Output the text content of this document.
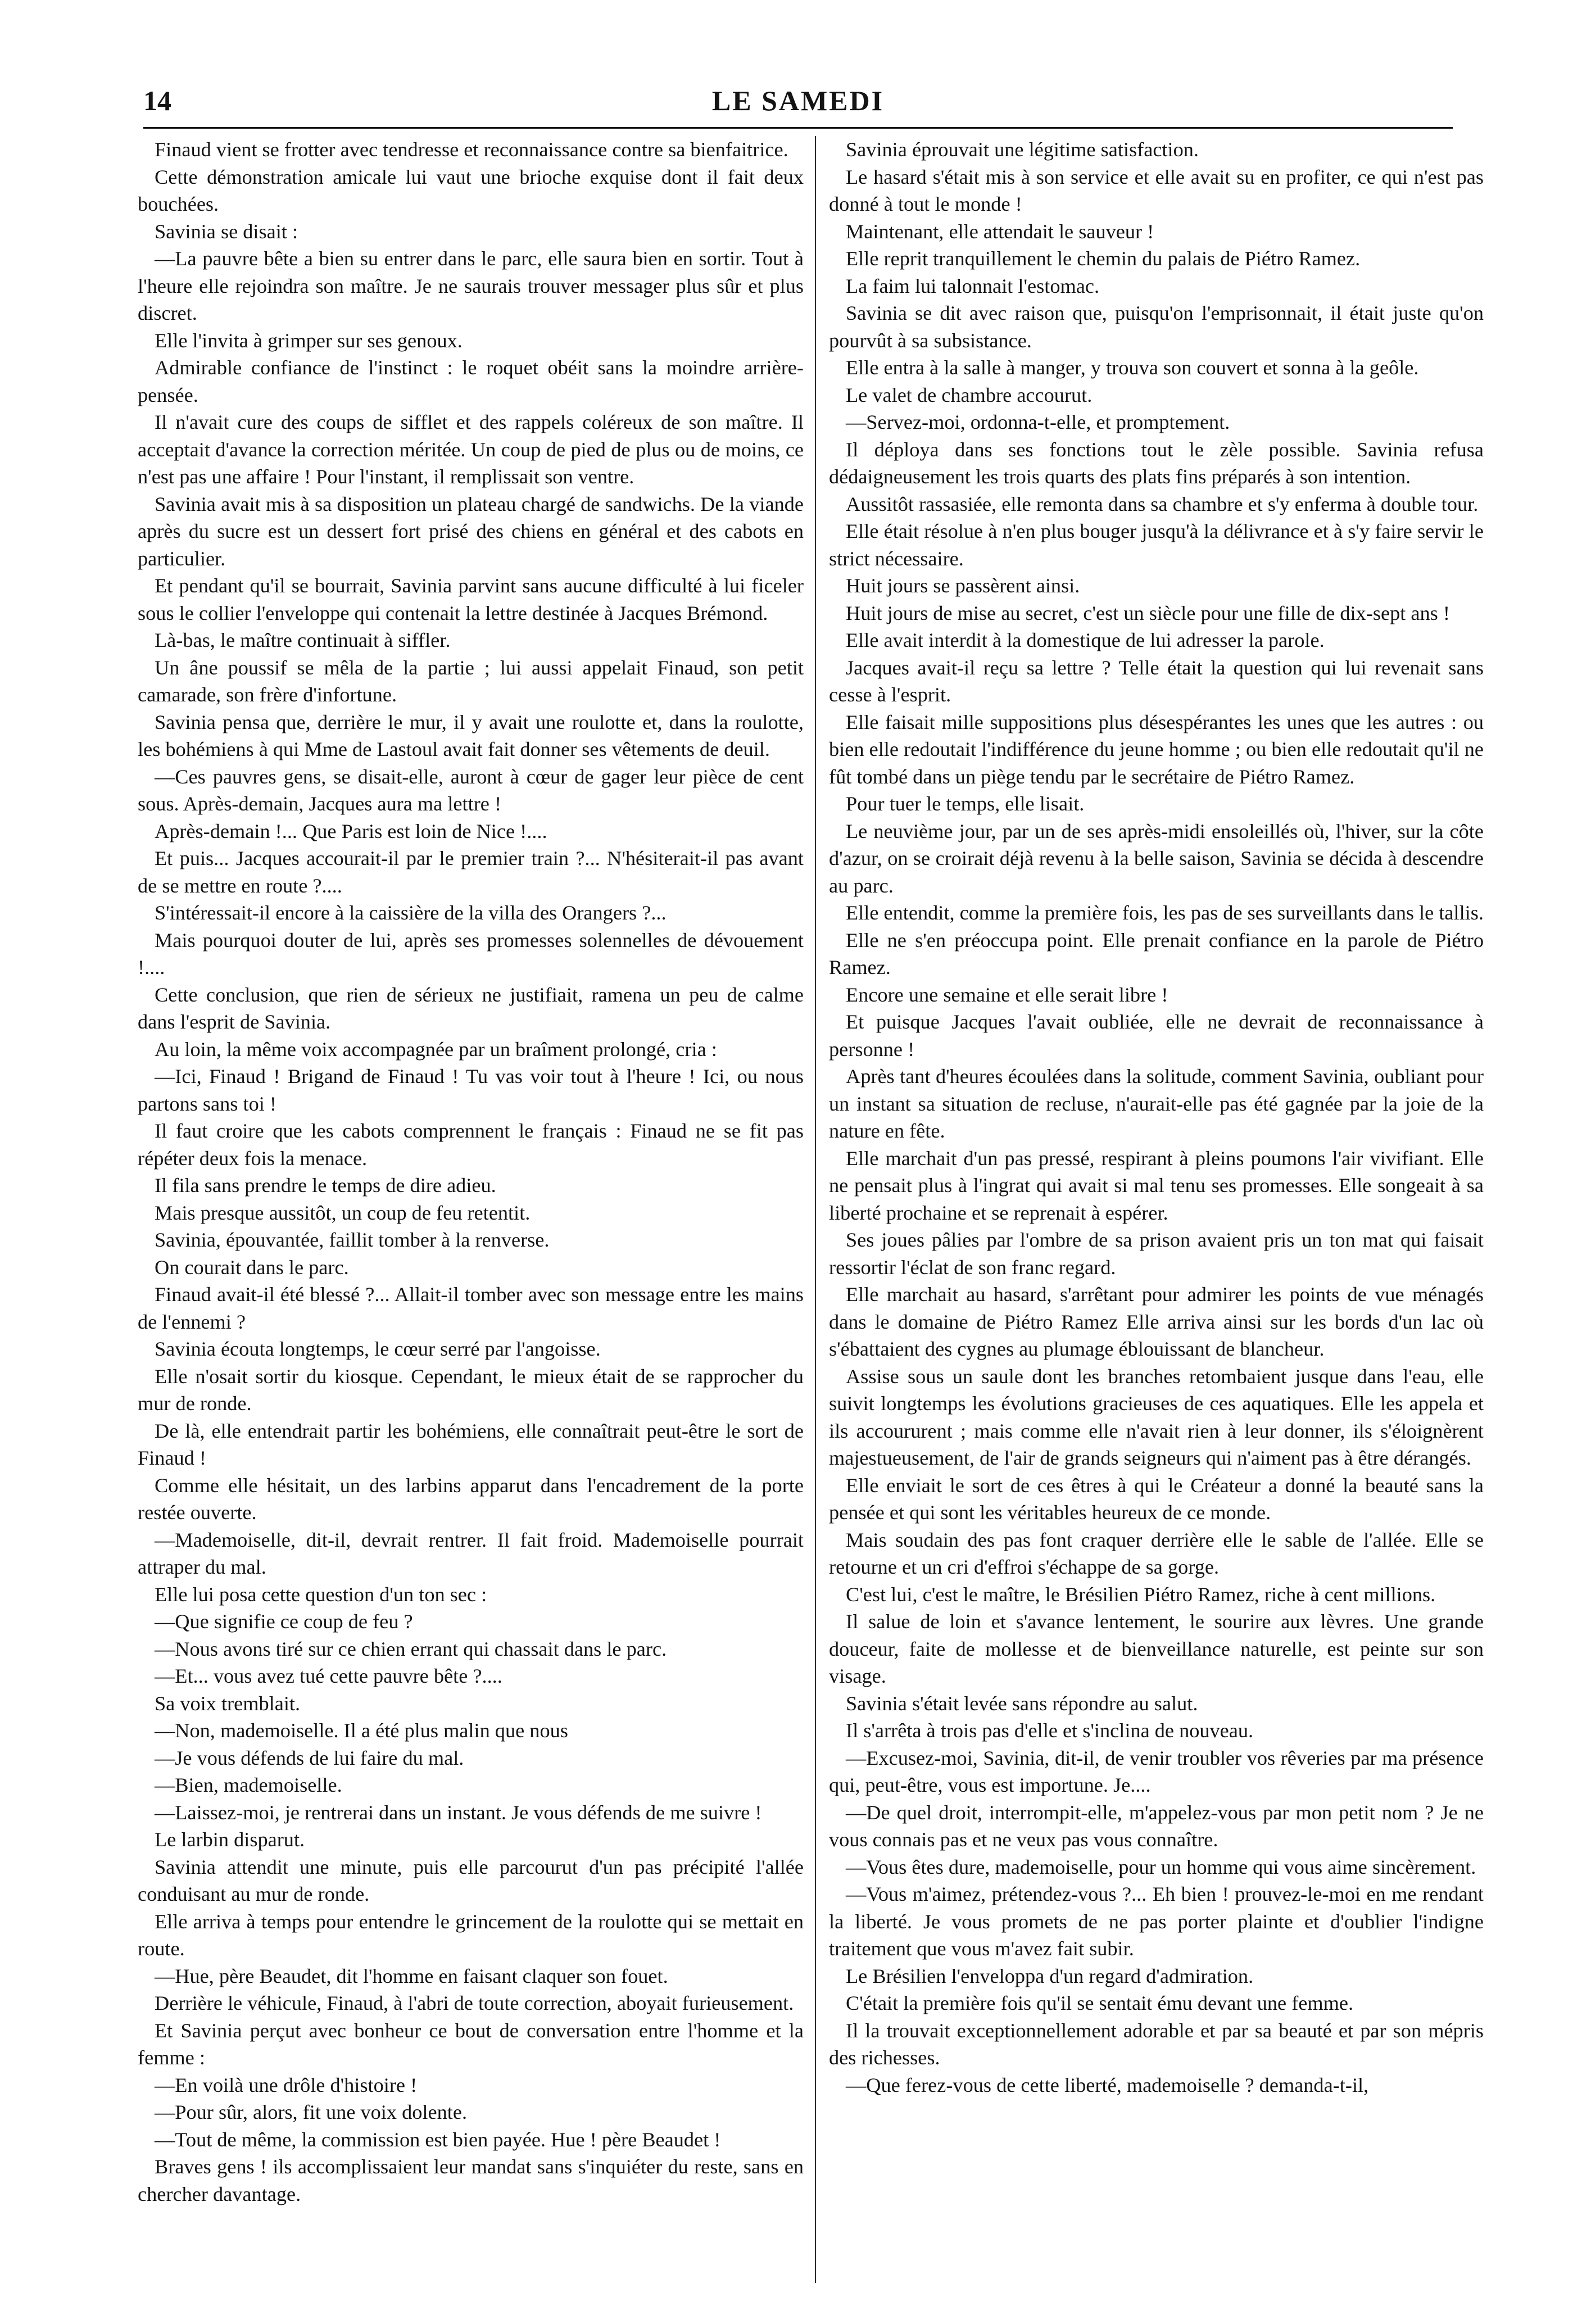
14	LE SAMEDI

Finaud vient se frotter avec tendresse et reconnaissance contre sa bienfaitrice.

Cette démonstration amicale lui vaut une brioche exquise dont il fait deux bouchées.

Savinia se disait :

—La pauvre bête a bien su entrer dans le parc, elle saura bien en sortir. Tout à l'heure elle rejoindra son maître. Je ne saurais trouver messager plus sûr et plus discret.

Elle l'invita à grimper sur ses genoux.

Admirable confiance de l'instinct : le roquet obéit sans la moindre arrière-pensée.

Il n'avait cure des coups de sifflet et des rappels coléreux de son maître. Il acceptait d'avance la correction méritée. Un coup de pied de plus ou de moins, ce n'est pas une affaire ! Pour l'instant, il remplissait son ventre.

Savinia avait mis à sa disposition un plateau chargé de sandwichs. De la viande après du sucre est un dessert fort prisé des chiens en général et des cabots en particulier.

Et pendant qu'il se bourrait, Savinia parvint sans aucune difficulté à lui ficeler sous le collier l'enveloppe qui contenait la lettre destinée à Jacques Brémond.

Là-bas, le maître continuait à siffler.

Un âne poussif se mêla de la partie ; lui aussi appelait Finaud, son petit camarade, son frère d'infortune.

Savinia pensa que, derrière le mur, il y avait une roulotte et, dans la roulotte, les bohémiens à qui Mme de Lastoul avait fait donner ses vêtements de deuil.

—Ces pauvres gens, se disait-elle, auront à cœur de gager leur pièce de cent sous. Après-demain, Jacques aura ma lettre !

Après-demain !... Que Paris est loin de Nice !....

Et puis... Jacques accourait-il par le premier train ?... N'hésiterait-il pas avant de se mettre en route ?....

S'intéressait-il encore à la caissière de la villa des Orangers ?...

Mais pourquoi douter de lui, après ses promesses solennelles de dévouement !....

Cette conclusion, que rien de sérieux ne justifiait, ramena un peu de calme dans l'esprit de Savinia.

Au loin, la même voix accompagnée par un braîment prolongé, cria :

—Ici, Finaud ! Brigand de Finaud ! Tu vas voir tout à l'heure ! Ici, ou nous partons sans toi !

Il faut croire que les cabots comprennent le français : Finaud ne se fit pas répéter deux fois la menace.

Il fila sans prendre le temps de dire adieu.

Mais presque aussitôt, un coup de feu retentit.

Savinia, épouvantée, faillit tomber à la renverse.

On courait dans le parc.

Finaud avait-il été blessé ?... Allait-il tomber avec son message entre les mains de l'ennemi ?

Savinia écouta longtemps, le cœur serré par l'angoisse.

Elle n'osait sortir du kiosque. Cependant, le mieux était de se rapprocher du mur de ronde.

De là, elle entendrait partir les bohémiens, elle connaîtrait peut-être le sort de Finaud !

Comme elle hésitait, un des larbins apparut dans l'encadrement de la porte restée ouverte.

—Mademoiselle, dit-il, devrait rentrer. Il fait froid. Mademoiselle pourrait attraper du mal.

Elle lui posa cette question d'un ton sec :

—Que signifie ce coup de feu ?

—Nous avons tiré sur ce chien errant qui chassait dans le parc.

—Et... vous avez tué cette pauvre bête ?....

Sa voix tremblait.

—Non, mademoiselle. Il a été plus malin que nous

—Je vous défends de lui faire du mal.

—Bien, mademoiselle.

—Laissez-moi, je rentrerai dans un instant. Je vous défends de me suivre !

Le larbin disparut.

Savinia attendit une minute, puis elle parcourut d'un pas précipité l'allée conduisant au mur de ronde.

Elle arriva à temps pour entendre le grincement de la roulotte qui se mettait en route.

—Hue, père Beaudet, dit l'homme en faisant claquer son fouet.

Derrière le véhicule, Finaud, à l'abri de toute correction, aboyait furieusement.

Et Savinia perçut avec bonheur ce bout de conversation entre l'homme et la femme :

—En voilà une drôle d'histoire !

—Pour sûr, alors, fit une voix dolente.

—Tout de même, la commission est bien payée. Hue ! père Beaudet !

Braves gens ! ils accomplissaient leur mandat sans s'inquiéter du reste, sans en chercher davantage.

Savinia éprouvait une légitime satisfaction.

Le hasard s'était mis à son service et elle avait su en profiter, ce qui n'est pas donné à tout le monde !

Maintenant, elle attendait le sauveur !

Elle reprit tranquillement le chemin du palais de Piétro Ramez.

La faim lui talonnait l'estomac.

Savinia se dit avec raison que, puisqu'on l'emprisonnait, il était juste qu'on pourvût à sa subsistance.

Elle entra à la salle à manger, y trouva son couvert et sonna à la geôle.

Le valet de chambre accourut.

—Servez-moi, ordonna-t-elle, et promptement.

Il déploya dans ses fonctions tout le zèle possible. Savinia refusa dédaigneusement les trois quarts des plats fins préparés à son intention.

Aussitôt rassasiée, elle remonta dans sa chambre et s'y enferma à double tour.

Elle était résolue à n'en plus bouger jusqu'à la délivrance et à s'y faire servir le strict nécessaire.

Huit jours se passèrent ainsi.

Huit jours de mise au secret, c'est un siècle pour une fille de dix-sept ans !

Elle avait interdit à la domestique de lui adresser la parole.

Jacques avait-il reçu sa lettre ? Telle était la question qui lui revenait sans cesse à l'esprit.

Elle faisait mille suppositions plus désespérantes les unes que les autres : ou bien elle redoutait l'indifférence du jeune homme ; ou bien elle redoutait qu'il ne fût tombé dans un piège tendu par le secrétaire de Piétro Ramez.

Pour tuer le temps, elle lisait.

Le neuvième jour, par un de ses après-midi ensoleillés où, l'hiver, sur la côte d'azur, on se croirait déjà revenu à la belle saison, Savinia se décida à descendre au parc.

Elle entendit, comme la première fois, les pas de ses surveillants dans le tallis.

Elle ne s'en préoccupa point. Elle prenait confiance en la parole de Piétro Ramez.

Encore une semaine et elle serait libre !

Et puisque Jacques l'avait oubliée, elle ne devrait de reconnaissance à personne !

Après tant d'heures écoulées dans la solitude, comment Savinia, oubliant pour un instant sa situation de recluse, n'aurait-elle pas été gagnée par la joie de la nature en fête.

Elle marchait d'un pas pressé, respirant à pleins poumons l'air vivifiant. Elle ne pensait plus à l'ingrat qui avait si mal tenu ses promesses. Elle songeait à sa liberté prochaine et se reprenait à espérer.

Ses joues pâlies par l'ombre de sa prison avaient pris un ton mat qui faisait ressortir l'éclat de son franc regard.

Elle marchait au hasard, s'arrêtant pour admirer les points de vue ménagés dans le domaine de Piétro Ramez Elle arriva ainsi sur les bords d'un lac où s'ébattaient des cygnes au plumage éblouissant de blancheur.

Assise sous un saule dont les branches retombaient jusque dans l'eau, elle suivit longtemps les évolutions gracieuses de ces aquatiques. Elle les appela et ils accoururent ; mais comme elle n'avait rien à leur donner, ils s'éloignèrent majestueusement, de l'air de grands seigneurs qui n'aiment pas à être dérangés.

Elle enviait le sort de ces êtres à qui le Créateur a donné la beauté sans la pensée et qui sont les véritables heureux de ce monde.

Mais soudain des pas font craquer derrière elle le sable de l'allée. Elle se retourne et un cri d'effroi s'échappe de sa gorge.

C'est lui, c'est le maître, le Brésilien Piétro Ramez, riche à cent millions.

Il salue de loin et s'avance lentement, le sourire aux lèvres. Une grande douceur, faite de mollesse et de bienveillance naturelle, est peinte sur son visage.

Savinia s'était levée sans répondre au salut.

Il s'arrêta à trois pas d'elle et s'inclina de nouveau.

—Excusez-moi, Savinia, dit-il, de venir troubler vos rêveries par ma présence qui, peut-être, vous est importune. Je....

—De quel droit, interrompit-elle, m'appelez-vous par mon petit nom ? Je ne vous connais pas et ne veux pas vous connaître.

—Vous êtes dure, mademoiselle, pour un homme qui vous aime sincèrement.

—Vous m'aimez, prétendez-vous ?... Eh bien ! prouvez-le-moi en me rendant la liberté. Je vous promets de ne pas porter plainte et d'oublier l'indigne traitement que vous m'avez fait subir.

Le Brésilien l'enveloppa d'un regard d'admiration.

C'était la première fois qu'il se sentait ému devant une femme.

Il la trouvait exceptionnellement adorable et par sa beauté et par son mépris des richesses.

—Que ferez-vous de cette liberté, mademoiselle ? demanda-t-il,
